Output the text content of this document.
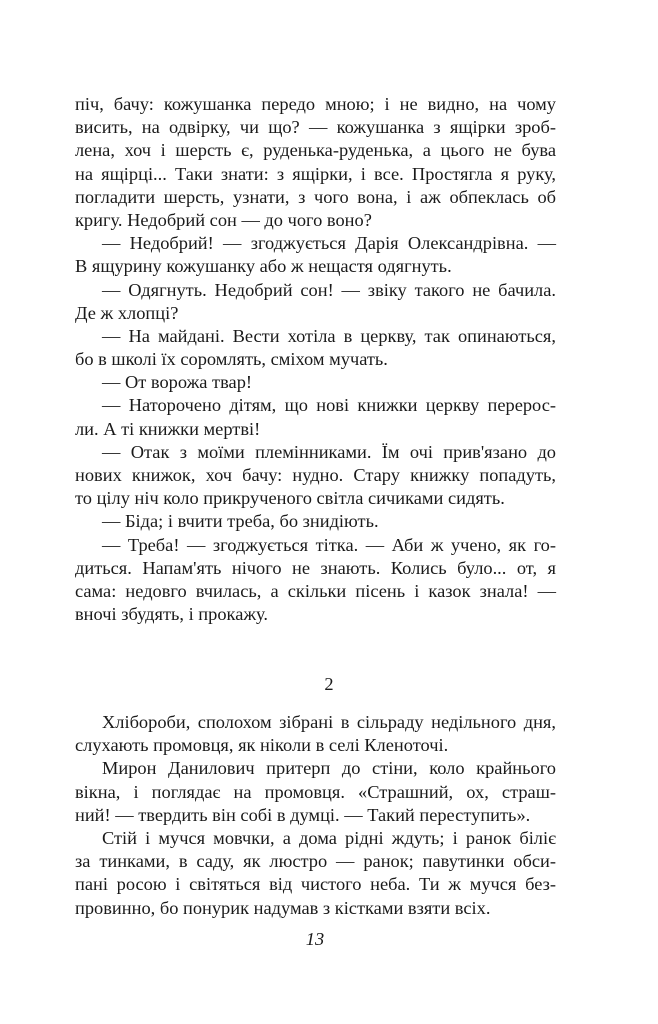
піч, бачу: кожушанка передо мною; і не видно, на чому
висить, на одвірку, чи що? — кожушанка з ящірки зроб-
лена, хоч і шерсть є, руденька-руденька, а цього не бува
на ящірці... Таки знати: з ящірки, і все. Простягла я руку,
погладити шерсть, узнати, з чого вона, і аж обпеклась об
кригу. Недобрий сон — до чого воно?
— Недобрий! — згоджується Дарія Олександрівна. —
В ящурину кожушанку або ж нещастя одягнуть.
— Одягнуть. Недобрий сон! — звіку такого не бачила.
Де ж хлопці?
— На майдані. Вести хотіла в церкву, так опинаються,
бо в школі їх соромлять, сміхом мучать.
— От ворожа твар!
— Наторочено дітям, що нові книжки церкву перерос-
ли. А ті книжки мертві!
— Отак з моїми племінниками. Їм очі прив'язано до
нових книжок, хоч бачу: нудно. Стару книжку попадуть,
то цілу ніч коло прикрученого світла сичиками сидять.
— Біда; і вчити треба, бо знидіють.
— Треба! — згоджується тітка. — Аби ж учено, як го-
диться. Напам'ять нічого не знають. Колись було... от, я
сама: недовго вчилась, а скільки пісень і казок знала! —
вночі збудять, і прокажу.
2
Хлібороби, сполохом зібрані в сільраду недільного дня,
слухають промовця, як ніколи в селі Кленоточі.
Мирон Данилович притерп до стіни, коло крайнього
вікна, і поглядає на промовця. «Страшний, ох, страш-
ний! — твердить він собі в думці. — Такий переступить».
Стій і мучся мовчки, а дома рідні ждуть; і ранок біліє
за тинками, в саду, як люстро — ранок; павутинки обси-
пані росою і світяться від чистого неба. Ти ж мучся без-
провинно, бо понурик надумав з кістками взяти всіх.
13
